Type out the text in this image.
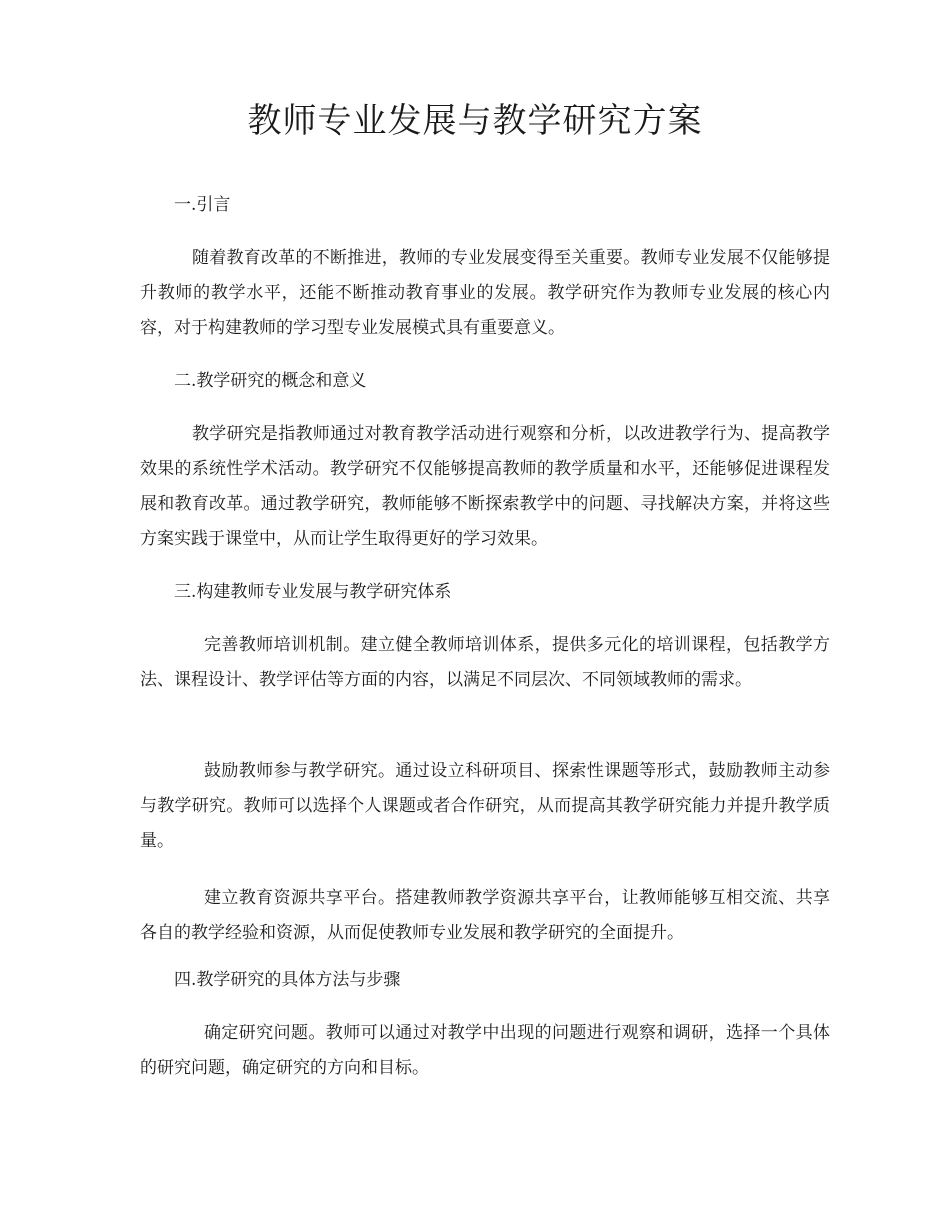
教师专业发展与教学研究方案
一.引言

随着教育改革的不断推进，教师的专业发展变得至关重要。教师专业发展不仅能够提升教师的教学水平，还能不断推动教育事业的发展。教学研究作为教师专业发展的核心内容，对于构建教师的学习型专业发展模式具有重要意义。

二.教学研究的概念和意义

教学研究是指教师通过对教育教学活动进行观察和分析，以改进教学行为、提高教学效果的系统性学术活动。教学研究不仅能够提高教师的教学质量和水平，还能够促进课程发展和教育改革。通过教学研究，教师能够不断探索教学中的问题、寻找解决方案，并将这些方案实践于课堂中，从而让学生取得更好的学习效果。

三.构建教师专业发展与教学研究体系

完善教师培训机制。建立健全教师培训体系，提供多元化的培训课程，包括教学方法、课程设计、教学评估等方面的内容，以满足不同层次、不同领域教师的需求。

鼓励教师参与教学研究。通过设立科研项目、探索性课题等形式，鼓励教师主动参与教学研究。教师可以选择个人课题或者合作研究，从而提高其教学研究能力并提升教学质量。

建立教育资源共享平台。搭建教师教学资源共享平台，让教师能够互相交流、共享各自的教学经验和资源，从而促使教师专业发展和教学研究的全面提升。

四.教学研究的具体方法与步骤

确定研究问题。教师可以通过对教学中出现的问题进行观察和调研，选择一个具体的研究问题，确定研究的方向和目标。
